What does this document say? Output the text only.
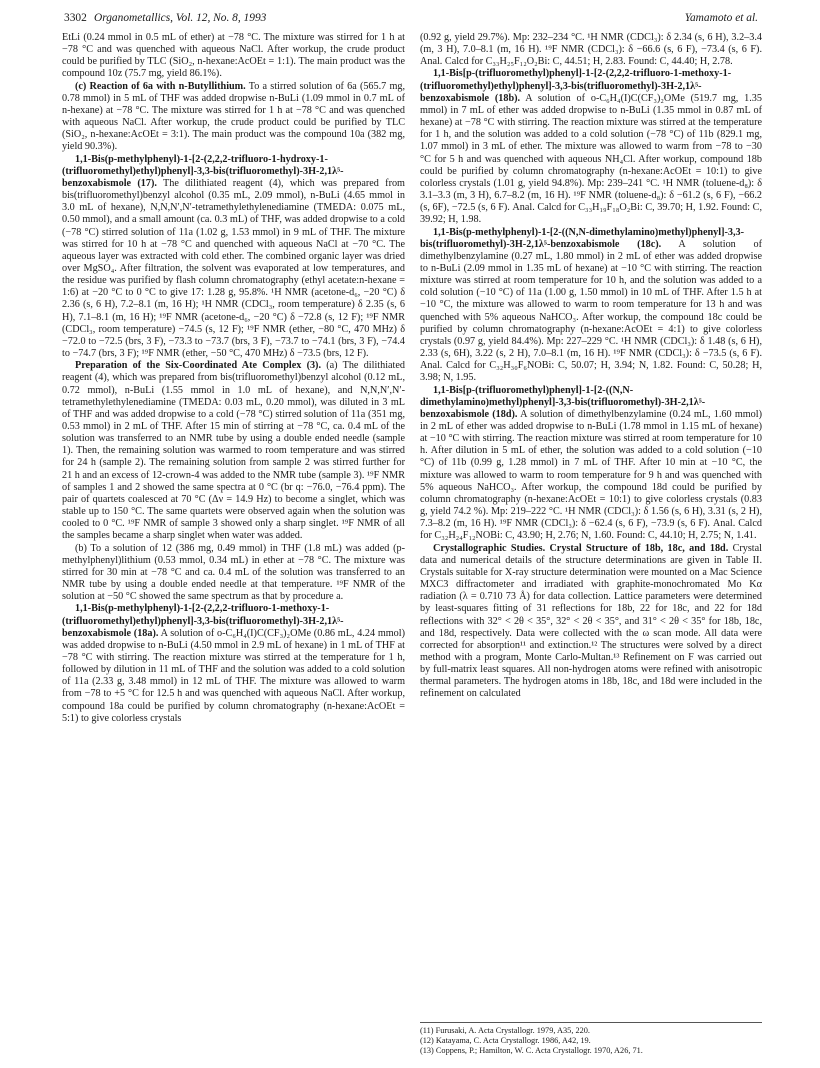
3302 Organometallics, Vol. 12, No. 8, 1993	Yamamoto et al.

EtLi (0.24 mmol in 0.5 mL of ether) at −78 °C. The mixture was stirred for 1 h at −78 °C and was quenched with aqueous NaCl. After workup, the crude product could be purified by TLC (SiO₂, n-hexane:AcOEt = 1:1). The main product was the compound 10z (75.7 mg, yield 86.1%).

(c) Reaction of 6a with n-Butyllithium. To a stirred solution of 6a (565.7 mg, 0.78 mmol) in 5 mL of THF was added dropwise n-BuLi (1.09 mmol in 0.7 mL of n-hexane) at −78 °C. The mixture was stirred for 1 h at −78 °C and was quenched with aqueous NaCl. After workup, the crude product could be purified by TLC (SiO₂, n-hexane:AcOEt = 3:1). The main product was the compound 10a (382 mg, yield 90.3%).

1,1-Bis(p-methylphenyl)-1-[2-(2,2,2-trifluoro-1-hydroxy-1-(trifluoromethyl)ethyl)phenyl]-3,3-bis(trifluoromethyl)-3H-2,1λ⁵-benzoxabismole (17). The dilithiated reagent (4), which was prepared from bis(trifluoromethyl)benzyl alcohol (0.35 mL, 2.09 mmol), n-BuLi (4.65 mmol in 3.0 mL of hexane), N,N,N′,N′-tetramethylethylenediamine (TMEDA: 0.075 mL, 0.50 mmol), and a small amount (ca. 0.3 mL) of THF, was added dropwise to a cold (−78 °C) stirred solution of 11a (1.02 g, 1.53 mmol) in 9 mL of THF. The mixture was stirred for 10 h at −78 °C and quenched with aqueous NaCl at −70 °C. The aqueous layer was extracted with cold ether. The combined organic layer was dried over MgSO₄. After filtration, the solvent was evaporated at low temperatures, and the residue was purified by flash column chromatography (ethyl acetate:n-hexane = 1:6) at −20 °C to 0 °C to give 17: 1.28 g, 95.8%. ¹H NMR (acetone-d₆, −20 °C) δ 2.36 (s, 6 H), 7.2–8.1 (m, 16 H); ¹H NMR (CDCl₃, room temperature) δ 2.35 (s, 6 H), 7.1–8.1 (m, 16 H); ¹⁹F NMR (acetone-d₆, −20 °C) δ −72.8 (s, 12 F); ¹⁹F NMR (CDCl₃, room temperature) −74.5 (s, 12 F); ¹⁹F NMR (ether, −80 °C, 470 MHz) δ −72.0 to −72.5 (brs, 3 F), −73.3 to −73.7 (brs, 3 F), −73.7 to −74.1 (brs, 3 F), −74.4 to −74.7 (brs, 3 F); ¹⁹F NMR (ether, −50 °C, 470 MHz) δ −73.5 (brs, 12 F).

Preparation of the Six-Coordinated Ate Complex (3). (a) The dilithiated reagent (4), which was prepared from bis(trifluoromethyl)benzyl alcohol (0.12 mL, 0.72 mmol), n-BuLi (1.55 mmol in 1.0 mL of hexane), and N,N,N′,N′-tetramethylethylenediamine (TMEDA: 0.03 mL, 0.20 mmol), was diluted in 3 mL of THF and was added dropwise to a cold (−78 °C) stirred solution of 11a (351 mg, 0.53 mmol) in 2 mL of THF. After 15 min of stirring at −78 °C, ca. 0.4 mL of the solution was transferred to an NMR tube by using a double ended needle (sample 1). Then, the remaining solution was warmed to room temperature and was stirred for 24 h (sample 2). The remaining solution from sample 2 was stirred further for 21 h and an excess of 12-crown-4 was added to the NMR tube (sample 3). ¹⁹F NMR of samples 1 and 2 showed the same spectra at 0 °C (br q: −76.0, −76.4 ppm). The pair of quartets coalesced at 70 °C (Δν = 14.9 Hz) to become a singlet, which was stable up to 150 °C. The same quartets were observed again when the solution was cooled to 0 °C. ¹⁹F NMR of sample 3 showed only a sharp singlet. ¹⁹F NMR of all the samples became a sharp singlet when water was added.

(b) To a solution of 12 (386 mg, 0.49 mmol) in THF (1.8 mL) was added (p-methylphenyl)lithium (0.53 mmol, 0.34 mL) in ether at −78 °C. The mixture was stirred for 30 min at −78 °C and ca. 0.4 mL of the solution was transferred to an NMR tube by using a double ended needle at that temperature. ¹⁹F NMR of the solution at −50 °C showed the same spectrum as that by procedure a.

1,1-Bis(p-methylphenyl)-1-[2-(2,2,2-trifluoro-1-methoxy-1-(trifluoromethyl)ethyl)phenyl]-3,3-bis(trifluoromethyl)-3H-2,1λ⁵-benzoxabismole (18a). A solution of o-C₆H₄(I)C(CF₃)₂OMe (0.86 mL, 4.24 mmol) was added dropwise to n-BuLi (4.50 mmol in 2.9 mL of hexane) in 1 mL of THF at −78 °C with stirring. The reaction mixture was stirred at the temperature for 1 h, followed by dilution in 11 mL of THF and the solution was added to a cold solution of 11a (2.33 g, 3.48 mmol) in 12 mL of THF. The mixture was allowed to warm from −78 to +5 °C for 12.5 h and was quenched with aqueous NaCl. After workup, compound 18a could be purified by column chromatography (n-hexane:AcOEt = 5:1) to give colorless crystals

(0.92 g, yield 29.7%). Mp: 232–234 °C. ¹H NMR (CDCl₃): δ 2.34 (s, 6 H), 3.2–3.4 (m, 3 H), 7.0–8.1 (m, 16 H). ¹⁹F NMR (CDCl₃): δ −66.6 (s, 6 F), −73.4 (s, 6 F). Anal. Calcd for C₃₃H₂₅F₁₂O₂Bi: C, 44.51; H, 2.83. Found: C, 44.40; H, 2.78.

1,1-Bis[p-(trifluoromethyl)phenyl]-1-[2-(2,2,2-trifluoro-1-methoxy-1-(trifluoromethyl)ethyl)phenyl]-3,3-bis(trifluoromethyl)-3H-2,1λ⁵-benzoxabismole (18b). A solution of o-C₆H₄(I)C(CF₃)₂OMe (519.7 mg, 1.35 mmol) in 7 mL of ether was added dropwise to n-BuLi (1.35 mmol in 0.87 mL of hexane) at −78 °C with stirring. The reaction mixture was stirred at the temperature for 1 h, and the solution was added to a cold solution (−78 °C) of 11b (829.1 mg, 1.07 mmol) in 3 mL of ether. The mixture was allowed to warm from −78 to −30 °C for 5 h and was quenched with aqueous NH₄Cl. After workup, compound 18b could be purified by column chromatography (n-hexane:AcOEt = 10:1) to give colorless crystals (1.01 g, yield 94.8%). Mp: 239–241 °C. ¹H NMR (toluene-d₈): δ 3.1–3.3 (m, 3 H), 6.7–8.2 (m, 16 H). ¹⁹F NMR (toluene-d₈): δ −61.2 (s, 6 F), −66.2 (s, 6F), −72.5 (s, 6 F). Anal. Calcd for C₃₃H₁₉F₁₈O₂Bi: C, 39.70; H, 1.92. Found: C, 39.92; H, 1.98.

1,1-Bis(p-methylphenyl)-1-[2-((N,N-dimethylamino)methyl)phenyl]-3,3-bis(trifluoromethyl)-3H-2,1λ⁵-benzoxabismole (18c). A solution of dimethylbenzylamine (0.27 mL, 1.80 mmol) in 2 mL of ether was added dropwise to n-BuLi (2.09 mmol in 1.35 mL of hexane) at −10 °C with stirring. The reaction mixture was stirred at room temperature for 10 h, and the solution was added to a cold solution (−10 °C) of 11a (1.00 g, 1.50 mmol) in 10 mL of THF. After 1.5 h at −10 °C, the mixture was allowed to warm to room temperature for 13 h and was quenched with 5% aqueous NaHCO₃. After workup, the compound 18c could be purified by column chromatography (n-hexane:AcOEt = 4:1) to give colorless crystals (0.97 g, yield 84.4%). Mp: 227–229 °C. ¹H NMR (CDCl₃): δ 1.48 (s, 6 H), 2.33 (s, 6H), 3.22 (s, 2 H), 7.0–8.1 (m, 16 H). ¹⁹F NMR (CDCl₃): δ −73.5 (s, 6 F). Anal. Calcd for C₃₂H₃₀F₆NOBi: C, 50.07; H, 3.94; N, 1.82. Found: C, 50.28; H, 3.98; N, 1.95.

1,1-Bis[p-(trifluoromethyl)phenyl]-1-[2-((N,N-dimethylamino)methyl)phenyl]-3,3-bis(trifluoromethyl)-3H-2,1λ⁵-benzoxabismole (18d). A solution of dimethylbenzylamine (0.24 mL, 1.60 mmol) in 2 mL of ether was added dropwise to n-BuLi (1.78 mmol in 1.15 mL of hexane) at −10 °C with stirring. The reaction mixture was stirred at room temperature for 10 h. After dilution in 5 mL of ether, the solution was added to a cold solution (−10 °C) of 11b (0.99 g, 1.28 mmol) in 7 mL of THF. After 10 min at −10 °C, the mixture was allowed to warm to room temperature for 9 h and was quenched with 5% aqueous NaHCO₃. After workup, the compound 18d could be purified by column chromatography (n-hexane:AcOEt = 10:1) to give colorless crystals (0.83 g, yield 74.2 %). Mp: 219–222 °C. ¹H NMR (CDCl₃): δ 1.56 (s, 6 H), 3.31 (s, 2 H), 7.3–8.2 (m, 16 H). ¹⁹F NMR (CDCl₃): δ −62.4 (s, 6 F), −73.9 (s, 6 F). Anal. Calcd for C₃₂H₂₄F₁₂NOBi: C, 43.90; H, 2.76; N, 1.60. Found: C, 44.10; H, 2.75; N, 1.41.

Crystallographic Studies. Crystal Structure of 18b, 18c, and 18d. Crystal data and numerical details of the structure determinations are given in Table II. Crystals suitable for X-ray structure determination were mounted on a Mac Science MXC3 diffractometer and irradiated with graphite-monochromated Mo Kα radiation (λ = 0.710 73 Å) for data collection. Lattice parameters were determined by least-squares fitting of 31 reflections for 18b, 22 for 18c, and 22 for 18d reflections with 32° < 2θ < 35°, 32° < 2θ < 35°, and 31° < 2θ < 35° for 18b, 18c, and 18d, respectively. Data were collected with the ω scan mode. All data were corrected for absorption¹¹ and extinction.¹² The structures were solved by a direct method with a program, Monte Carlo-Multan.¹³ Refinement on F was carried out by full-matrix least squares. All non-hydrogen atoms were refined with anisotropic thermal parameters. The hydrogen atoms in 18b, 18c, and 18d were included in the refinement on calculated

(11) Furusaki, A. Acta Crystallogr. 1979, A35, 220.
(12) Katayama, C. Acta Crystallogr. 1986, A42, 19.
(13) Coppens, P.; Hamilton, W. C. Acta Crystallogr. 1970, A26, 71.
